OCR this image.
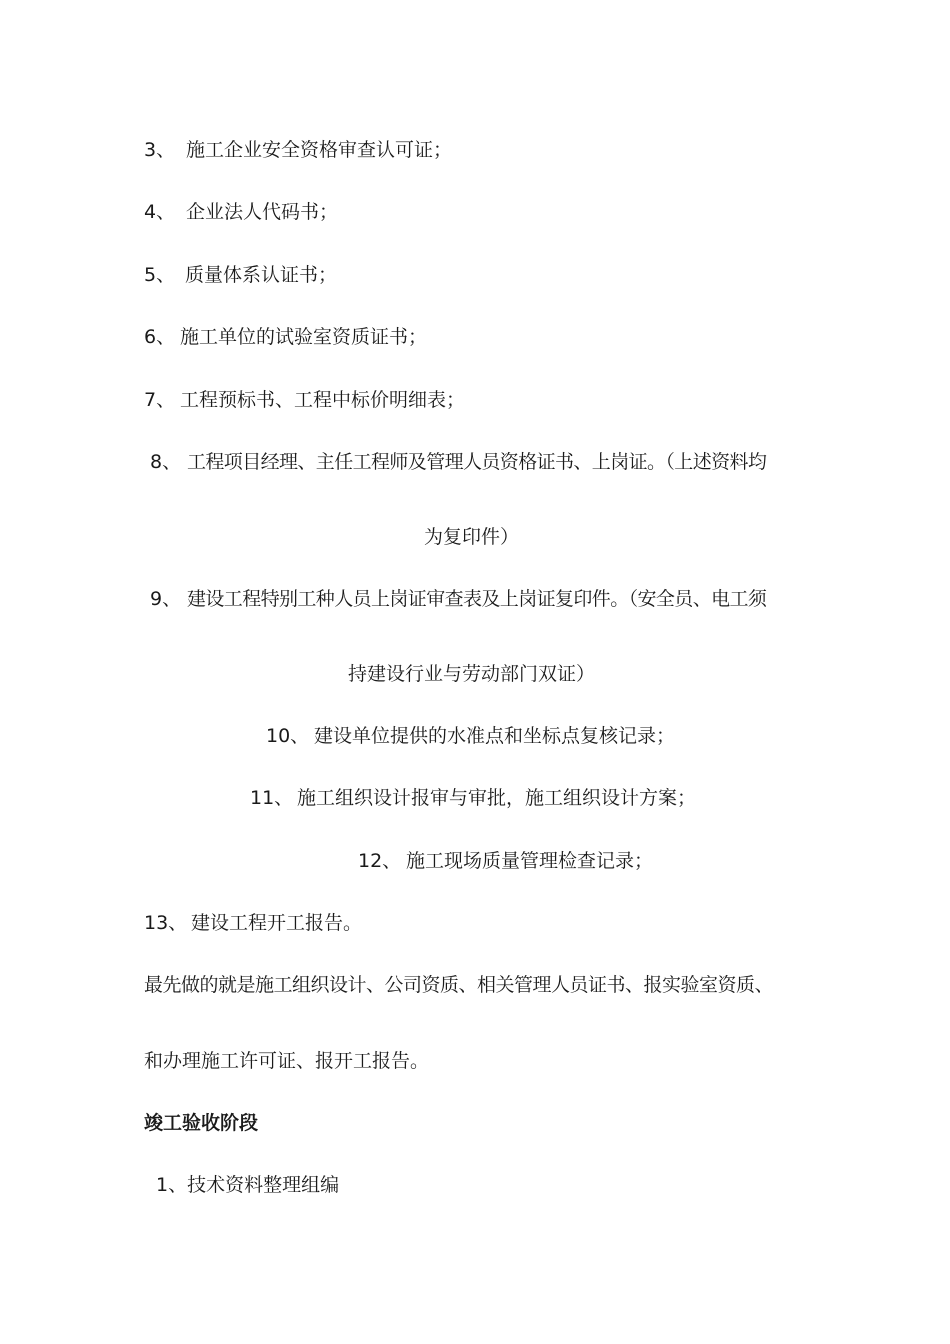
3、 施工企业安全资格审查认可证；
4、 企业法人代码书；
5、 质量体系认证书；
6、 施工单位的试验室资质证书；
7、 工程预标书、工程中标价明细表；
8、 工程项目经理、主任工程师及管理人员资格证书、上岗证。（上述资料均
为复印件）
9、 建设工程特别工种人员上岗证审查表及上岗证复印件。（安全员、电工须
持建设行业与劳动部门双证）
10、 建设单位提供的水准点和坐标点复核记录；
11、 施工组织设计报审与审批，施工组织设计方案；
12、 施工现场质量管理检查记录；
13、 建设工程开工报告。
最先做的就是施工组织设计、公司资质、相关管理人员证书、报实验室资质、
和办理施工许可证、报开工报告。
竣工验收阶段
1、技术资料整理组编
